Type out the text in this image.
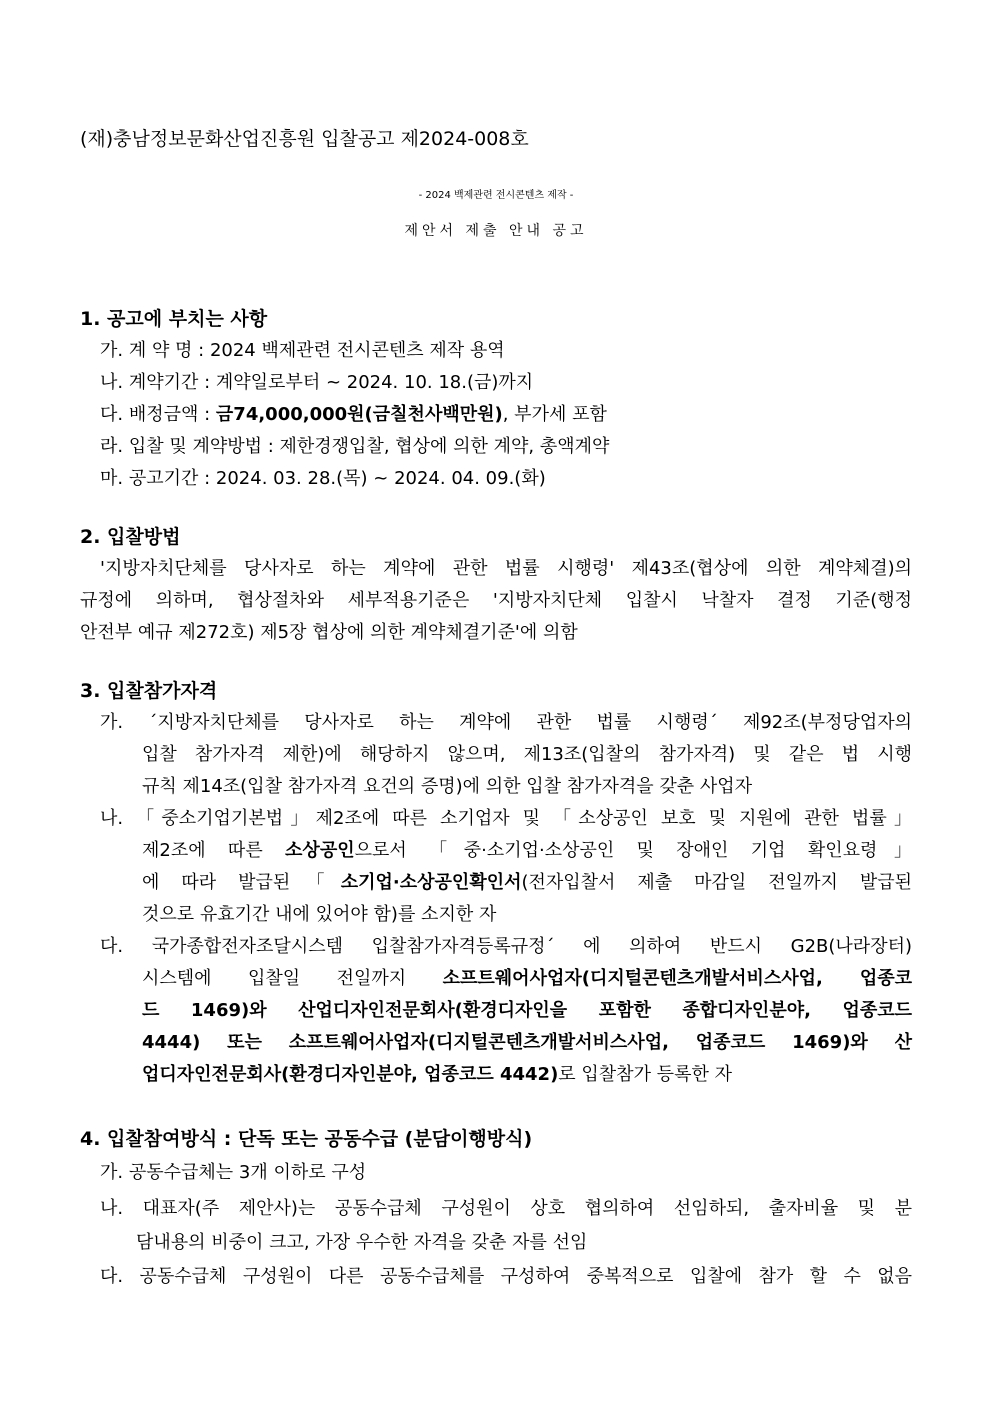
(재)충남정보문화산업진흥원 입찰공고 제2024-008호
- 2024 백제관련 전시콘텐츠 제작 -
제안서 제출 안내 공고
1. 공고에 부치는 사항
가. 계 약 명 : 2024 백제관련 전시콘텐츠 제작 용역
나. 계약기간 : 계약일로부터 ~ 2024. 10. 18.(금)까지
다. 배정금액 : 금74,000,000원(금칠천사백만원), 부가세 포함
라. 입찰 및 계약방법 : 제한경쟁입찰, 협상에 의한 계약, 총액계약
마. 공고기간 : 2024. 03. 28.(목) ~ 2024. 04. 09.(화)
2. 입찰방법
'지방자치단체를 당사자로 하는 계약에 관한 법률 시행령' 제43조(협상에 의한 계약체결)의
규정에 의하며, 협상절차와 세부적용기준은 '지방자치단체 입찰시 낙찰자 결정 기준(행정
안전부 예규 제272호) 제5장 협상에 의한 계약체결기준'에 의함
3. 입찰참가자격
가. ´지방자치단체를 당사자로 하는 계약에 관한 법률 시행령´ 제92조(부정당업자의
입찰 참가자격 제한)에 해당하지 않으며, 제13조(입찰의 참가자격) 및 같은 법 시행
규칙 제14조(입찰 참가자격 요건의 증명)에 의한 입찰 참가자격을 갖춘 사업자
나. 「중소기업기본법」제2조에 따른 소기업자 및 「소상공인 보호 및 지원에 관한 법률」
제2조에 따른 소상공인으로서 「중·소기업·소상공인 및 장애인 기업 확인요령」
에 따라 발급된「소기업·소상공인확인서(전자입찰서 제출 마감일 전일까지 발급된
것으로 유효기간 내에 있어야 함)를 소지한 자
다. 국가종합전자조달시스템 입찰참가자격등록규정´ 에 의하여 반드시 G2B(나라장터)
시스템에 입찰일 전일까지 소프트웨어사업자(디지털콘텐츠개발서비스사업, 업종코
드 1469)와 산업디자인전문회사(환경디자인을 포함한 종합디자인분야, 업종코드
4444) 또는 소프트웨어사업자(디지털콘텐츠개발서비스사업, 업종코드 1469)와 산
업디자인전문회사(환경디자인분야, 업종코드 4442)로 입찰참가 등록한 자
4. 입찰참여방식 : 단독 또는 공동수급 (분담이행방식)
가. 공동수급체는 3개 이하로 구성
나. 대표자(주 제안사)는 공동수급체 구성원이 상호 협의하여 선임하되, 출자비율 및 분
담내용의 비중이 크고, 가장 우수한 자격을 갖춘 자를 선임
다. 공동수급체 구성원이 다른 공동수급체를 구성하여 중복적으로 입찰에 참가 할 수 없음
